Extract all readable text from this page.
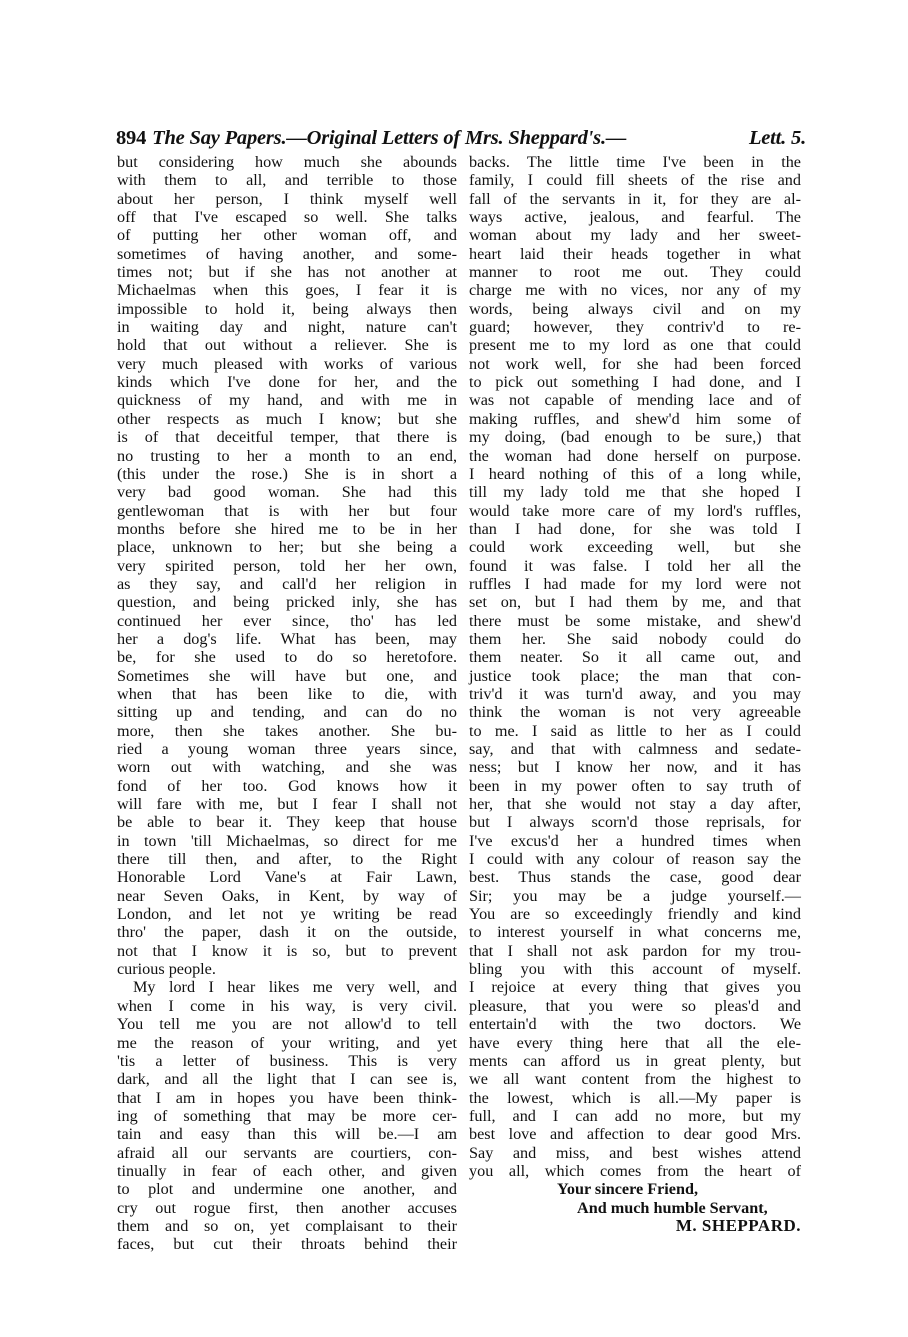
894 The Say Papers.—Original Letters of Mrs. Sheppard's.—	Lett. 5.
but considering how much she abounds
with them to all, and terrible to those
about her person, I think myself well
off that I've escaped so well. She talks
of putting her other woman off, and
sometimes of having another, and some-
times not; but if she has not another at
Michaelmas when this goes, I fear it is
impossible to hold it, being always then
in waiting day and night, nature can't
hold that out without a reliever. She is
very much pleased with works of various
kinds which I've done for her, and the
quickness of my hand, and with me in
other respects as much I know; but she
is of that deceitful temper, that there is
no trusting to her a month to an end,
(this under the rose.) She is in short a
very bad good woman. She had this
gentlewoman that is with her but four
months before she hired me to be in her
place, unknown to her; but she being a
very spirited person, told her her own,
as they say, and call'd her religion in
question, and being pricked inly, she has
continued her ever since, tho' has led
her a dog's life. What has been, may
be, for she used to do so heretofore.
Sometimes she will have but one, and
when that has been like to die, with
sitting up and tending, and can do no
more, then she takes another. She bu-
ried a young woman three years since,
worn out with watching, and she was
fond of her too. God knows how it
will fare with me, but I fear I shall not
be able to bear it. They keep that house
in town 'till Michaelmas, so direct for me
there till then, and after, to the Right
Honorable Lord Vane's at Fair Lawn,
near Seven Oaks, in Kent, by way of
London, and let not ye writing be read
thro' the paper, dash it on the outside,
not that I know it is so, but to prevent
curious people.
My lord I hear likes me very well, and
when I come in his way, is very civil.
You tell me you are not allow'd to tell
me the reason of your writing, and yet
'tis a letter of business. This is very
dark, and all the light that I can see is,
that I am in hopes you have been think-
ing of something that may be more cer-
tain and easy than this will be.—I am
afraid all our servants are courtiers, con-
tinually in fear of each other, and given
to plot and undermine one another, and
cry out rogue first, then another accuses
them and so on, yet complaisant to their
faces, but cut their throats behind their
backs. The little time I've been in the
family, I could fill sheets of the rise and
fall of the servants in it, for they are al-
ways active, jealous, and fearful. The
woman about my lady and her sweet-
heart laid their heads together in what
manner to root me out. They could
charge me with no vices, nor any of my
words, being always civil and on my
guard; however, they contriv'd to re-
present me to my lord as one that could
not work well, for she had been forced
to pick out something I had done, and I
was not capable of mending lace and of
making ruffles, and shew'd him some of
my doing, (bad enough to be sure,) that
the woman had done herself on purpose.
I heard nothing of this of a long while,
till my lady told me that she hoped I
would take more care of my lord's ruffles,
than I had done, for she was told I
could work exceeding well, but she
found it was false. I told her all the
ruffles I had made for my lord were not
set on, but I had them by me, and that
there must be some mistake, and shew'd
them her. She said nobody could do
them neater. So it all came out, and
justice took place; the man that con-
triv'd it was turn'd away, and you may
think the woman is not very agreeable
to me. I said as little to her as I could
say, and that with calmness and sedate-
ness; but I know her now, and it has
been in my power often to say truth of
her, that she would not stay a day after,
but I always scorn'd those reprisals, for
I've excus'd her a hundred times when
I could with any colour of reason say the
best. Thus stands the case, good dear
Sir; you may be a judge yourself.—
You are so exceedingly friendly and kind
to interest yourself in what concerns me,
that I shall not ask pardon for my trou-
bling you with this account of myself.
I rejoice at every thing that gives you
pleasure, that you were so pleas'd and
entertain'd with the two doctors. We
have every thing here that all the ele-
ments can afford us in great plenty, but
we all want content from the highest to
the lowest, which is all.—My paper is
full, and I can add no more, but my
best love and affection to dear good Mrs.
Say and miss, and best wishes attend
you all, which comes from the heart of
Your sincere Friend,
And much humble Servant,
M. SHEPPARD.
